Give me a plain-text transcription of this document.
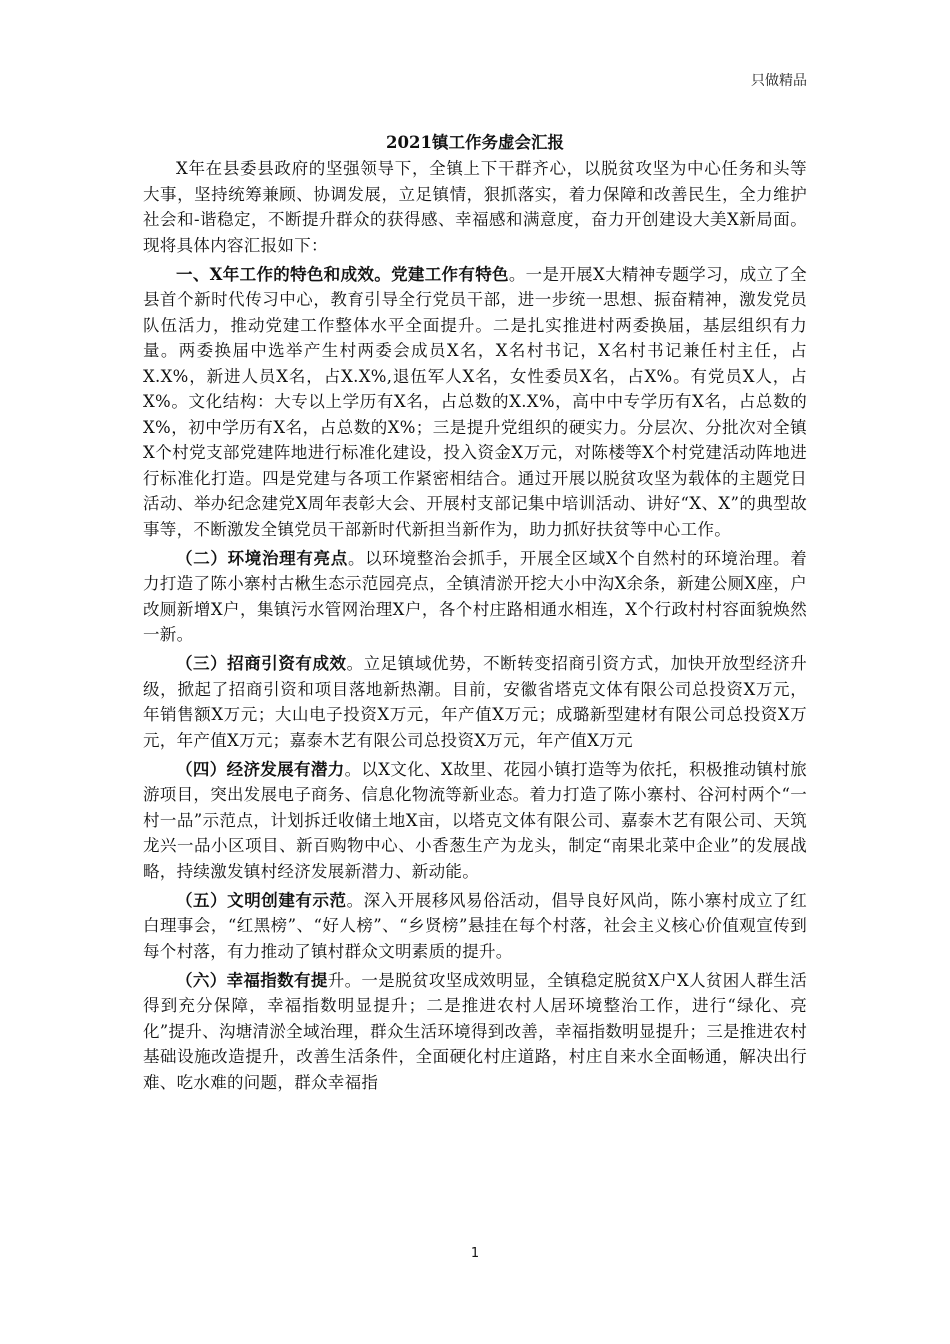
只做精品
2021镇工作务虚会汇报

X年在县委县政府的坚强领导下，全镇上下干群齐心，以脱贫攻坚为中心任务和头等大事，坚持统筹兼顾、协调发展，立足镇情，狠抓落实，着力保障和改善民生，全力维护社会和-谐稳定，不断提升群众的获得感、幸福感和满意度，奋力开创建设大美X新局面。现将具体内容汇报如下：

一、X年工作的特色和成效。党建工作有特色。一是开展X大精神专题学习，成立了全县首个新时代传习中心，教育引导全行党员干部，进一步统一思想、振奋精神，激发党员队伍活力，推动党建工作整体水平全面提升。二是扎实推进村两委换届，基层组织有力量。两委换届中选举产生村两委会成员X名，X名村书记，X名村书记兼任村主任，占X.X%，新进人员X名，占X.X%,退伍军人X名，女性委员X名，占X%。有党员X人，占X%。文化结构：大专以上学历有X名，占总数的X.X%，高中中专学历有X名，占总数的X%，初中学历有X名，占总数的X%；三是提升党组织的硬实力。分层次、分批次对全镇X个村党支部党建阵地进行标准化建设，投入资金X万元，对陈楼等X个村党建活动阵地进行标准化打造。四是党建与各项工作紧密相结合。通过开展以脱贫攻坚为载体的主题党日活动、举办纪念建党X周年表彰大会、开展村支部记集中培训活动、讲好“X、X”的典型故事等，不断激发全镇党员干部新时代新担当新作为，助力抓好扶贫等中心工作。

（二）环境治理有亮点。以环境整治会抓手，开展全区域X个自然村的环境治理。着力打造了陈小寨村古楸生态示范园亮点，全镇清淤开挖大小中沟X余条，新建公厕X座，户改厕新增X户，集镇污水管网治理X户，各个村庄路相通水相连，X个行政村村容面貌焕然一新。

（三）招商引资有成效。立足镇域优势，不断转变招商引资方式，加快开放型经济升级，掀起了招商引资和项目落地新热潮。目前，安徽省塔克文体有限公司总投资X万元，年销售额X万元；大山电子投资X万元，年产值X万元；成璐新型建材有限公司总投资X万元，年产值X万元；嘉泰木艺有限公司总投资X万元，年产值X万元

（四）经济发展有潜力。以X文化、X故里、花园小镇打造等为依托，积极推动镇村旅游项目，突出发展电子商务、信息化物流等新业态。着力打造了陈小寨村、谷河村两个“一村一品”示范点，计划拆迁收储土地X亩，以塔克文体有限公司、嘉泰木艺有限公司、天筑龙兴一品小区项目、新百购物中心、小香葱生产为龙头，制定“南果北菜中企业”的发展战略，持续激发镇村经济发展新潜力、新动能。

（五）文明创建有示范。深入开展移风易俗活动，倡导良好风尚，陈小寨村成立了红白理事会，“红黑榜”、“好人榜”、“乡贤榜”悬挂在每个村落，社会主义核心价值观宣传到每个村落，有力推动了镇村群众文明素质的提升。

（六）幸福指数有提升。一是脱贫攻坚成效明显，全镇稳定脱贫X户X人贫困人群生活得到充分保障，幸福指数明显提升；二是推进农村人居环境整治工作，进行“绿化、亮化”提升、沟塘清淤全域治理，群众生活环境得到改善，幸福指数明显提升；三是推进农村基础设施改造提升，改善生活条件，全面硬化村庄道路，村庄自来水全面畅通，解决出行难、吃水难的问题，群众幸福指

1
